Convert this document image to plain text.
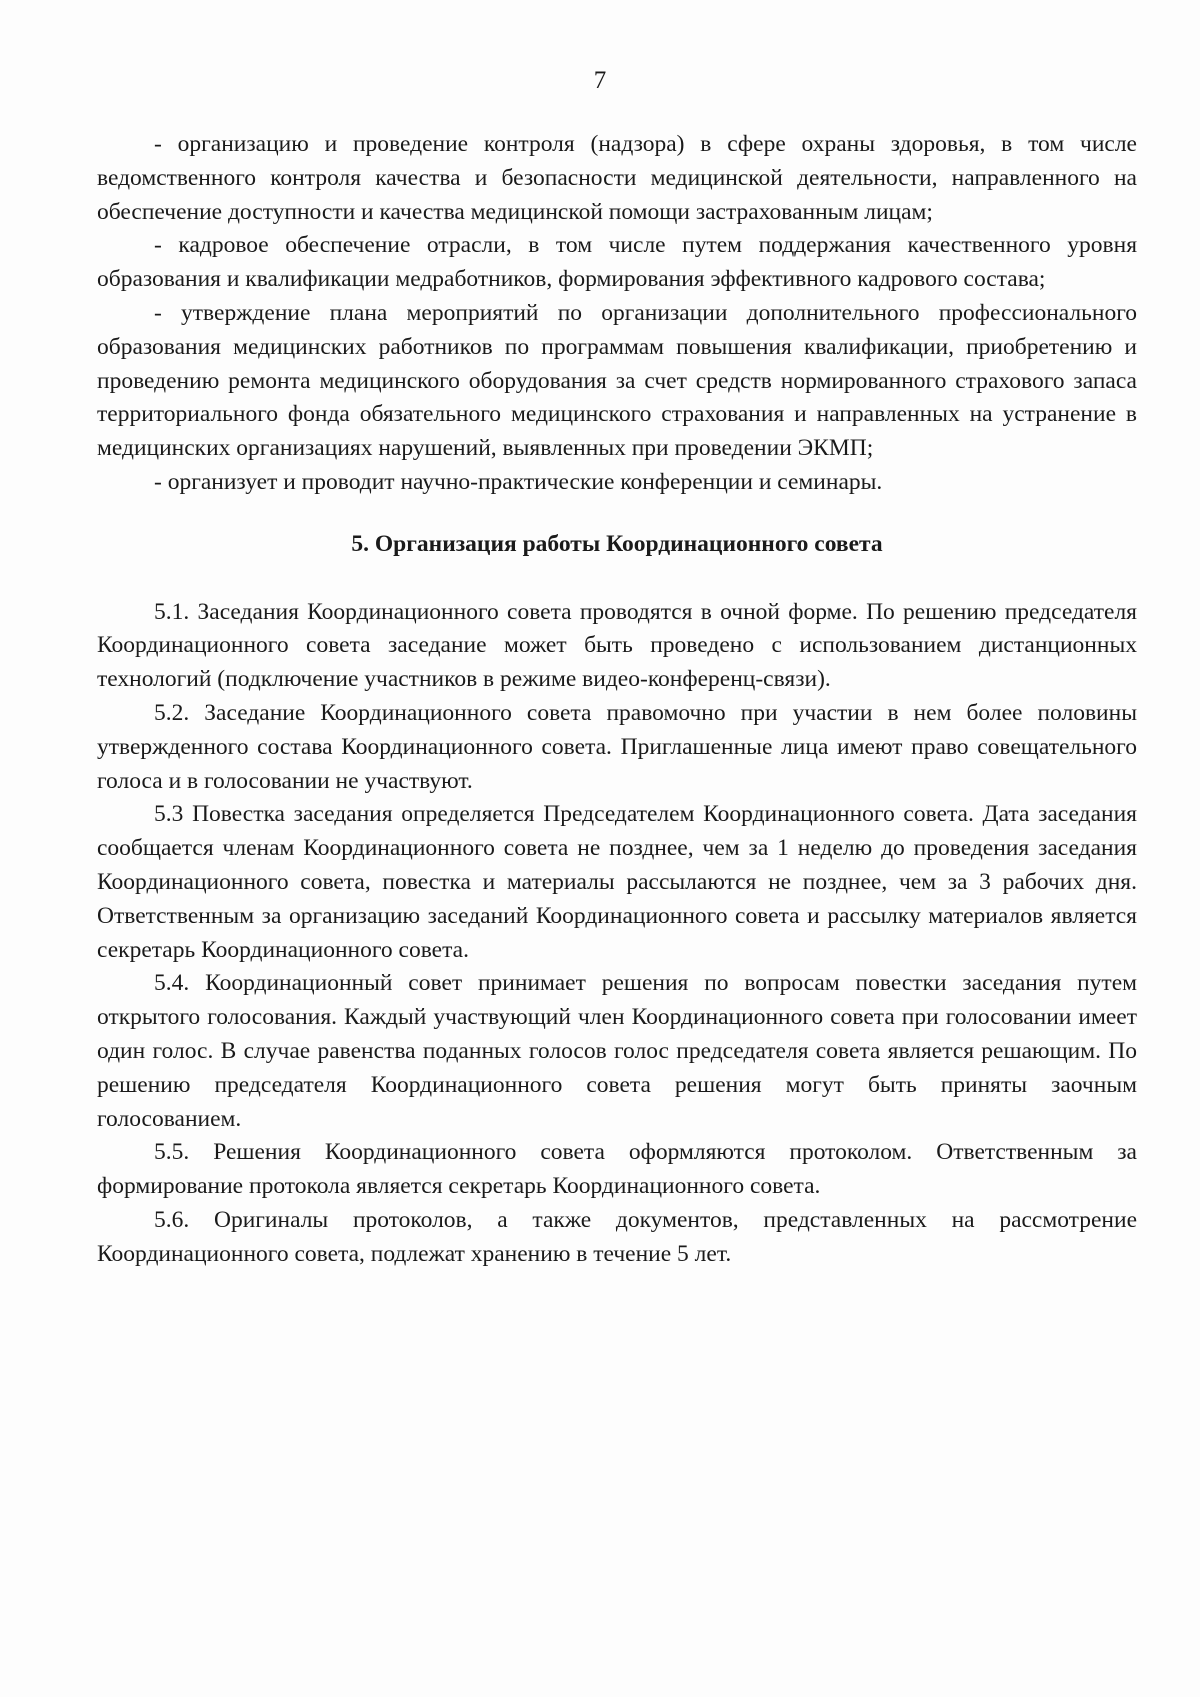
7

- организацию и проведение контроля (надзора) в сфере охраны здоровья, в том числе ведомственного контроля качества и безопасности медицинской деятельности, направленного на обеспечение доступности и качества медицинской помощи застрахованным лицам;

- кадровое обеспечение отрасли, в том числе путем поддержания качественного уровня образования и квалификации медработников, формирования эффективного кадрового состава;

- утверждение плана мероприятий по организации дополнительного профессионального образования медицинских работников по программам повышения квалификации, приобретению и проведению ремонта медицинского оборудования за счет средств нормированного страхового запаса территориального фонда обязательного медицинского страхования и направленных на устранение в медицинских организациях нарушений, выявленных при проведении ЭКМП;

- организует и проводит научно-практические конференции и семинары.

5. Организация работы Координационного совета

5.1. Заседания Координационного совета проводятся в очной форме. По решению председателя Координационного совета заседание может быть проведено с использованием дистанционных технологий (подключение участников в режиме видео-конференц-связи).

5.2. Заседание Координационного совета правомочно при участии в нем более половины утвержденного состава Координационного совета. Приглашенные лица имеют право совещательного голоса и в голосовании не участвуют.

5.3 Повестка заседания определяется Председателем Координационного совета. Дата заседания сообщается членам Координационного совета не позднее, чем за 1 неделю до проведения заседания Координационного совета, повестка и материалы рассылаются не позднее, чем за 3 рабочих дня. Ответственным за организацию заседаний Координационного совета и рассылку материалов является секретарь Координационного совета.

5.4. Координационный совет принимает решения по вопросам повестки заседания путем открытого голосования. Каждый участвующий член Координационного совета при голосовании имеет один голос. В случае равенства поданных голосов голос председателя совета является решающим. По решению председателя Координационного совета решения могут быть приняты заочным голосованием.

5.5. Решения Координационного совета оформляются протоколом. Ответственным за формирование протокола является секретарь Координационного совета.

5.6. Оригиналы протоколов, а также документов, представленных на рассмотрение Координационного совета, подлежат хранению в течение 5 лет.
